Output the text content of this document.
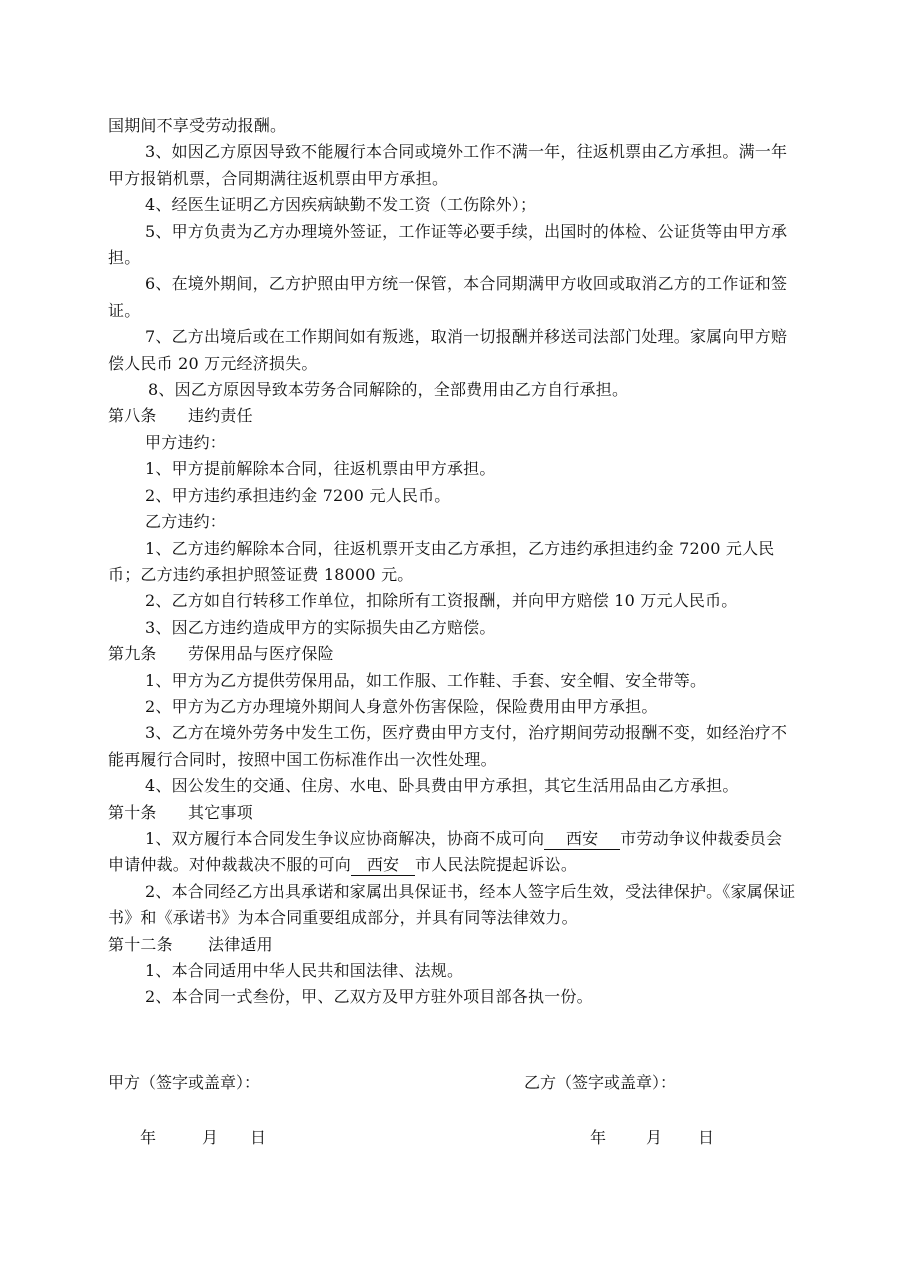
国期间不享受劳动报酬。

3、如因乙方原因导致不能履行本合同或境外工作不满一年，往返机票由乙方承担。满一年甲方报销机票，合同期满往返机票由甲方承担。

4、经医生证明乙方因疾病缺勤不发工资（工伤除外）；

5、甲方负责为乙方办理境外签证，工作证等必要手续，出国时的体检、公证货等由甲方承担。

6、在境外期间，乙方护照由甲方统一保管，本合同期满甲方收回或取消乙方的工作证和签证。

7、乙方出境后或在工作期间如有叛逃，取消一切报酬并移送司法部门处理。家属向甲方赔偿人民币 20 万元经济损失。

8、因乙方原因导致本劳务合同解除的，全部费用由乙方自行承担。

第八条 违约责任

甲方违约：

1、甲方提前解除本合同，往返机票由甲方承担。

2、甲方违约承担违约金 7200 元人民币。

乙方违约：

1、乙方违约解除本合同，往返机票开支由乙方承担，乙方违约承担违约金 7200 元人民币；乙方违约承担护照签证费 18000 元。

2、乙方如自行转移工作单位，扣除所有工资报酬，并向甲方赔偿 10 万元人民币。

3、因乙方违约造成甲方的实际损失由乙方赔偿。

第九条 劳保用品与医疗保险

1、甲方为乙方提供劳保用品，如工作服、工作鞋、手套、安全帽、安全带等。

2、甲方为乙方办理境外期间人身意外伤害保险，保险费用由甲方承担。

3、乙方在境外劳务中发生工伤，医疗费由甲方支付，治疗期间劳动报酬不变，如经治疗不能再履行合同时，按照中国工伤标准作出一次性处理。

4、因公发生的交通、住房、水电、卧具费由甲方承担，其它生活用品由乙方承担。

第十条 其它事项

1、双方履行本合同发生争议应协商解决，协商不成可向 西安 市劳动争议仲裁委员会申请仲裁。对仲裁裁决不服的可向 西安 市人民法院提起诉讼。

2、本合同经乙方出具承诺和家属出具保证书，经本人签字后生效，受法律保护。《家属保证书》和《承诺书》为本合同重要组成部分，并具有同等法律效力。

第十二条 法律适用

1、本合同适用中华人民共和国法律、法规。

2、本合同一式叁份，甲、乙双方及甲方驻外项目部各执一份。

甲方（签字或盖章）：	乙方（签字或盖章）：
年	月 日	年 月 日
